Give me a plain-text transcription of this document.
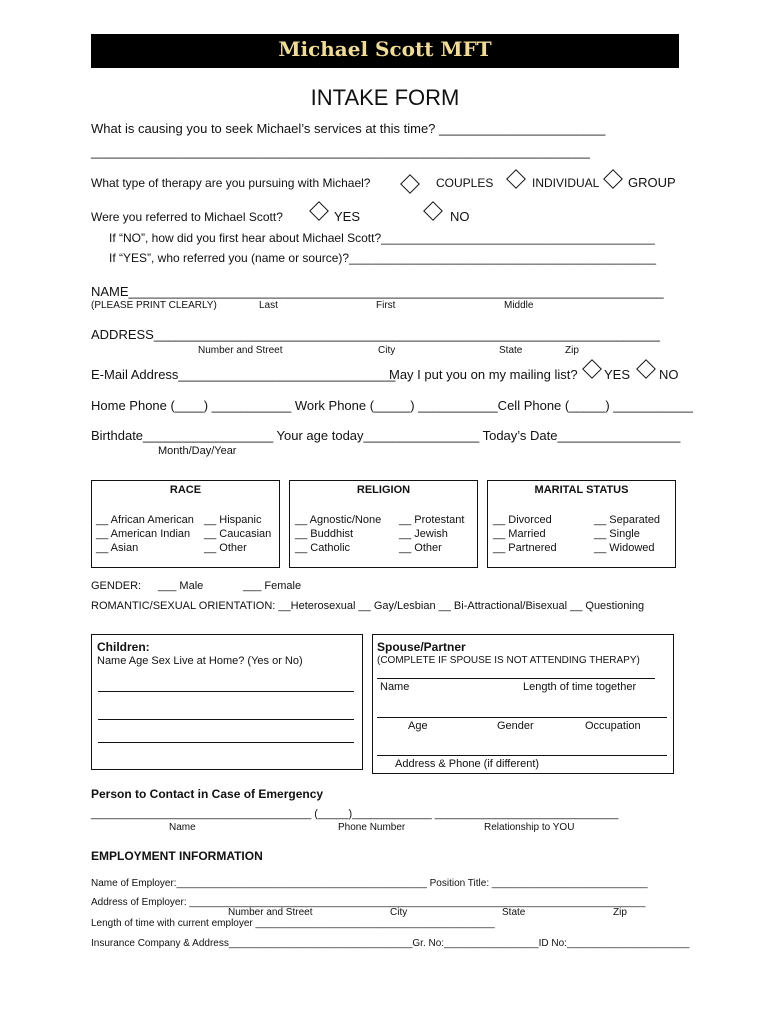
Michael Scott MFT
INTAKE FORM
What is causing you to seek Michael’s services at this time? _______________________
_____________________________________________________________________
What type of therapy are you pursuing with Michael?	COUPLES	INDIVIDUAL GROUP
Were you referred to Michael Scott?	YES	NO
If “NO”, how did you first hear about Michael Scott?_________________________________________
If “YES”, who referred you (name or source)?______________________________________________
NAME__________________________________________________________________________
(PLEASE PRINT CLEARLY)	Last	First	Middle
ADDRESS______________________________________________________________________
Number and Street	City	State	Zip
E-Mail Address______________________________
May I put you on my mailing list? YES NO
Home Phone (____) ___________ Work Phone (_____) ___________Cell Phone (_____) ___________
Birthdate__________________ Your age today________________ Today’s Date_________________
Month/Day/Year
RACE
__ African American
__ American Indian
__ Asian
__ Hispanic
__ Caucasian
__ Other
RELIGION
__ Agnostic/None
__ Buddhist
__ Catholic
__ Protestant
__ Jewish
__ Other
MARITAL STATUS
__ Divorced
__ Married
__ Partnered
__ Separated
__ Single
__ Widowed
GENDER: ___ Male	___ Female
ROMANTIC/SEXUAL ORIENTATION: __Heterosexual __ Gay/Lesbian __ Bi-Attractional/Bisexual __ Questioning
Children:
Name Age Sex Live at Home? (Yes or No)
Spouse/Partner
(COMPLETE IF SPOUSE IS NOT ATTENDING THERAPY)
Name	Length of time together
Age	Gender	Occupation
Address & Phone (if different)
Person to Contact in Case of Emergency
____________________________________ (_____)_____________ ______________________________
Name	Phone Number	Relationship to YOU
EMPLOYMENT INFORMATION
Name of Employer:_____________________________________________ Position Title: ____________________________
Address of Employer: __________________________________________________________________________________
Number and Street	City	State	Zip
Length of time with current employer ___________________________________________
Insurance Company & Address_________________________________Gr. No:_________________ID No:______________________
